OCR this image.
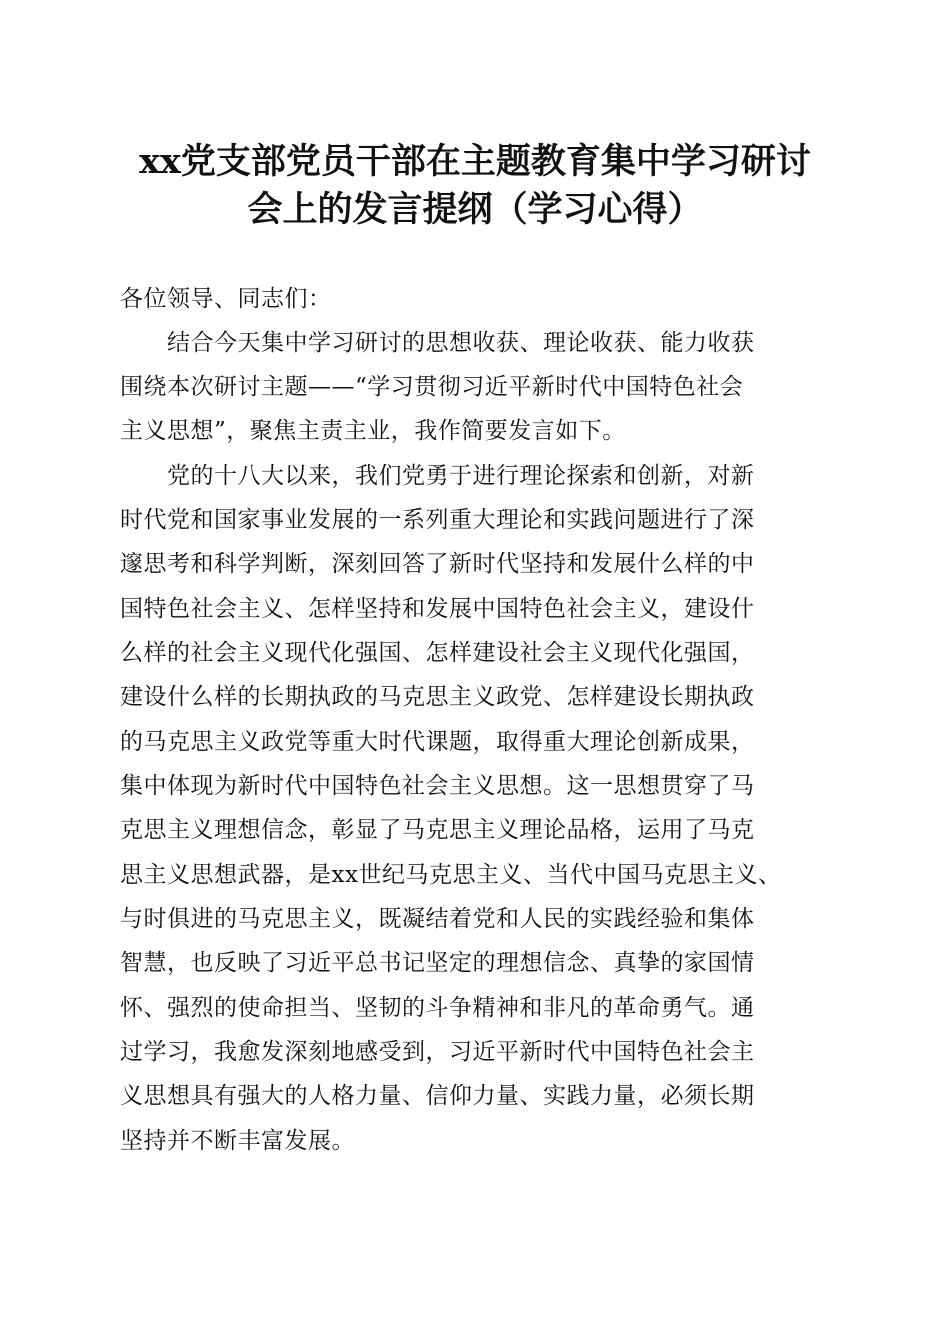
xx党支部党员干部在主题教育集中学习研讨
会上的发言提纲（学习心得）
各位领导、同志们：
　　结合今天集中学习研讨的思想收获、理论收获、能力收获
围绕本次研讨主题——“学习贯彻习近平新时代中国特色社会
主义思想”，聚焦主责主业，我作简要发言如下。
　　党的十八大以来，我们党勇于进行理论探索和创新，对新
时代党和国家事业发展的一系列重大理论和实践问题进行了深
邃思考和科学判断，深刻回答了新时代坚持和发展什么样的中
国特色社会主义、怎样坚持和发展中国特色社会主义，建设什
么样的社会主义现代化强国、怎样建设社会主义现代化强国，
建设什么样的长期执政的马克思主义政党、怎样建设长期执政
的马克思主义政党等重大时代课题，取得重大理论创新成果，
集中体现为新时代中国特色社会主义思想。这一思想贯穿了马
克思主义理想信念，彰显了马克思主义理论品格，运用了马克
思主义思想武器，是xx世纪马克思主义、当代中国马克思主义、
与时俱进的马克思主义，既凝结着党和人民的实践经验和集体
智慧，也反映了习近平总书记坚定的理想信念、真挚的家国情
怀、强烈的使命担当、坚韧的斗争精神和非凡的革命勇气。通
过学习，我愈发深刻地感受到，习近平新时代中国特色社会主
义思想具有强大的人格力量、信仰力量、实践力量，必须长期
坚持并不断丰富发展。
